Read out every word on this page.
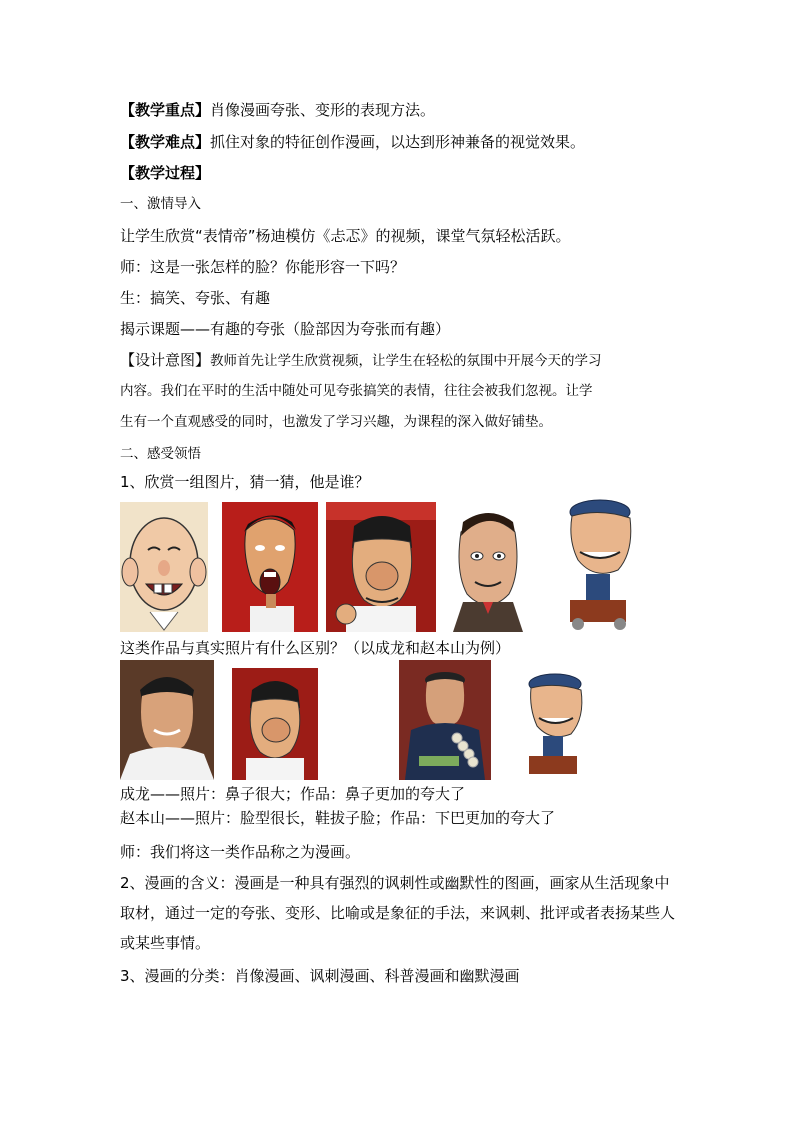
【教学重点】肖像漫画夸张、变形的表现方法。
【教学难点】抓住对象的特征创作漫画，以达到形神兼备的视觉效果。
【教学过程】
一、激情导入
让学生欣赏“表情帝”杨迪模仿《忐忑》的视频，课堂气氛轻松活跃。
师：这是一张怎样的脸？你能形容一下吗？
生：搞笑、夸张、有趣
揭示课题——有趣的夸张（脸部因为夸张而有趣）
【设计意图】教师首先让学生欣赏视频，让学生在轻松的氛围中开展今天的学习
内容。我们在平时的生活中随处可见夸张搞笑的表情，往往会被我们忽视。让学
生有一个直观感受的同时，也激发了学习兴趣，为课程的深入做好铺垫。
二、感受领悟
1、欣赏一组图片，猜一猜，他是谁？
这类作品与真实照片有什么区别？（以成龙和赵本山为例）
成龙——照片：鼻子很大；作品：鼻子更加的夸大了
赵本山——照片：脸型很长，鞋拔子脸；作品：下巴更加的夸大了
师：我们将这一类作品称之为漫画。
2、漫画的含义：漫画是一种具有强烈的讽刺性或幽默性的图画，画家从生活现象中取材，通过一定的夸张、变形、比喻或是象征的手法，来讽刺、批评或者表扬某些人或某些事情。
3、漫画的分类：肖像漫画、讽刺漫画、科普漫画和幽默漫画
